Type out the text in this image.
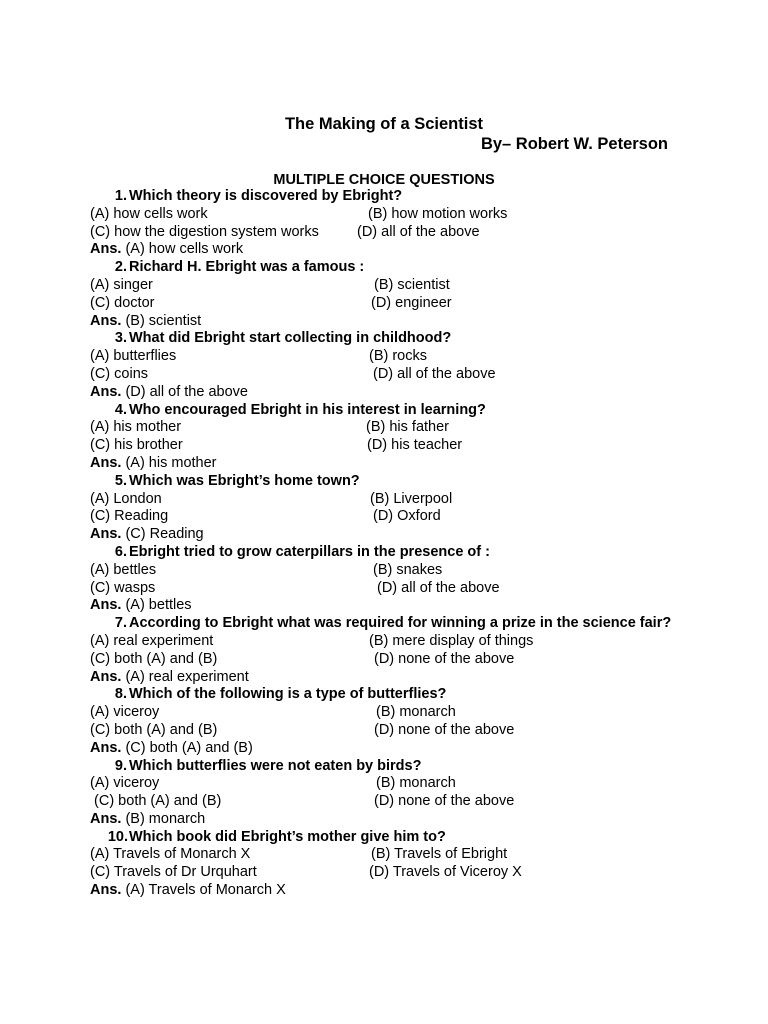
The Making of a Scientist
By– Robert W. Peterson
MULTIPLE CHOICE QUESTIONS
1. Which theory is discovered by Ebright?
(A) how cells work	(B) how motion works
(C) how the digestion system works	(D) all of the above
Ans. (A) how cells work
2. Richard H. Ebright was a famous :
(A) singer	(B) scientist
(C) doctor	(D) engineer
Ans. (B) scientist
3. What did Ebright start collecting in childhood?
(A) butterflies	(B) rocks
(C) coins	(D) all of the above
Ans. (D) all of the above
4. Who encouraged Ebright in his interest in learning?
(A) his mother	(B) his father
(C) his brother	(D) his teacher
Ans. (A) his mother
5. Which was Ebright’s home town?
(A) London	(B) Liverpool
(C) Reading	(D) Oxford
Ans. (C) Reading
6. Ebright tried to grow caterpillars in the presence of :
(A) bettles	(B) snakes
(C) wasps	(D) all of the above
Ans. (A) bettles
7. According to Ebright what was required for winning a prize in the science fair?
(A) real experiment	(B) mere display of things
(C) both (A) and (B)	(D) none of the above
Ans. (A) real experiment
8. Which of the following is a type of butterflies?
(A) viceroy	(B) monarch
(C) both (A) and (B)	(D) none of the above
Ans. (C) both (A) and (B)
9. Which butterflies were not eaten by birds?
(A) viceroy	(B) monarch
(C) both (A) and (B)	(D) none of the above
Ans. (B) monarch
10. Which book did Ebright’s mother give him to?
(A) Travels of Monarch X	(B) Travels of Ebright
(C) Travels of Dr Urquhart	(D) Travels of Viceroy X
Ans. (A) Travels of Monarch X
